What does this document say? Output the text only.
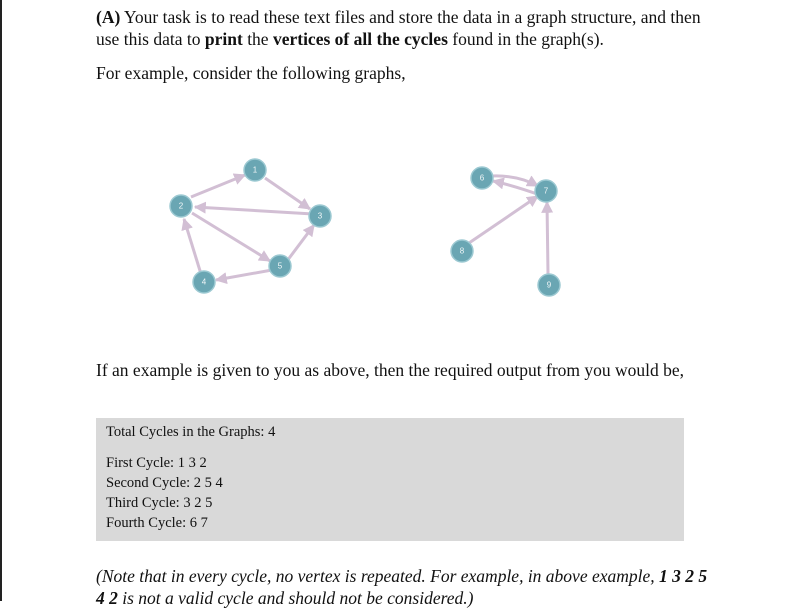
(A) Your task is to read these text files and store the data in a graph structure, and then use this data to print the vertices of all the cycles found in the graph(s).

For example, consider the following graphs,

1
2
3
4
5
6
7
8
9

If an example is given to you as above, then the required output from you would be,

Total Cycles in the Graphs: 4
First Cycle: 1 3 2
Second Cycle: 2 5 4
Third Cycle: 3 2 5
Fourth Cycle: 6 7

(Note that in every cycle, no vertex is repeated. For example, in above example, 1 3 2 5 4 2 is not a valid cycle and should not be considered.)
